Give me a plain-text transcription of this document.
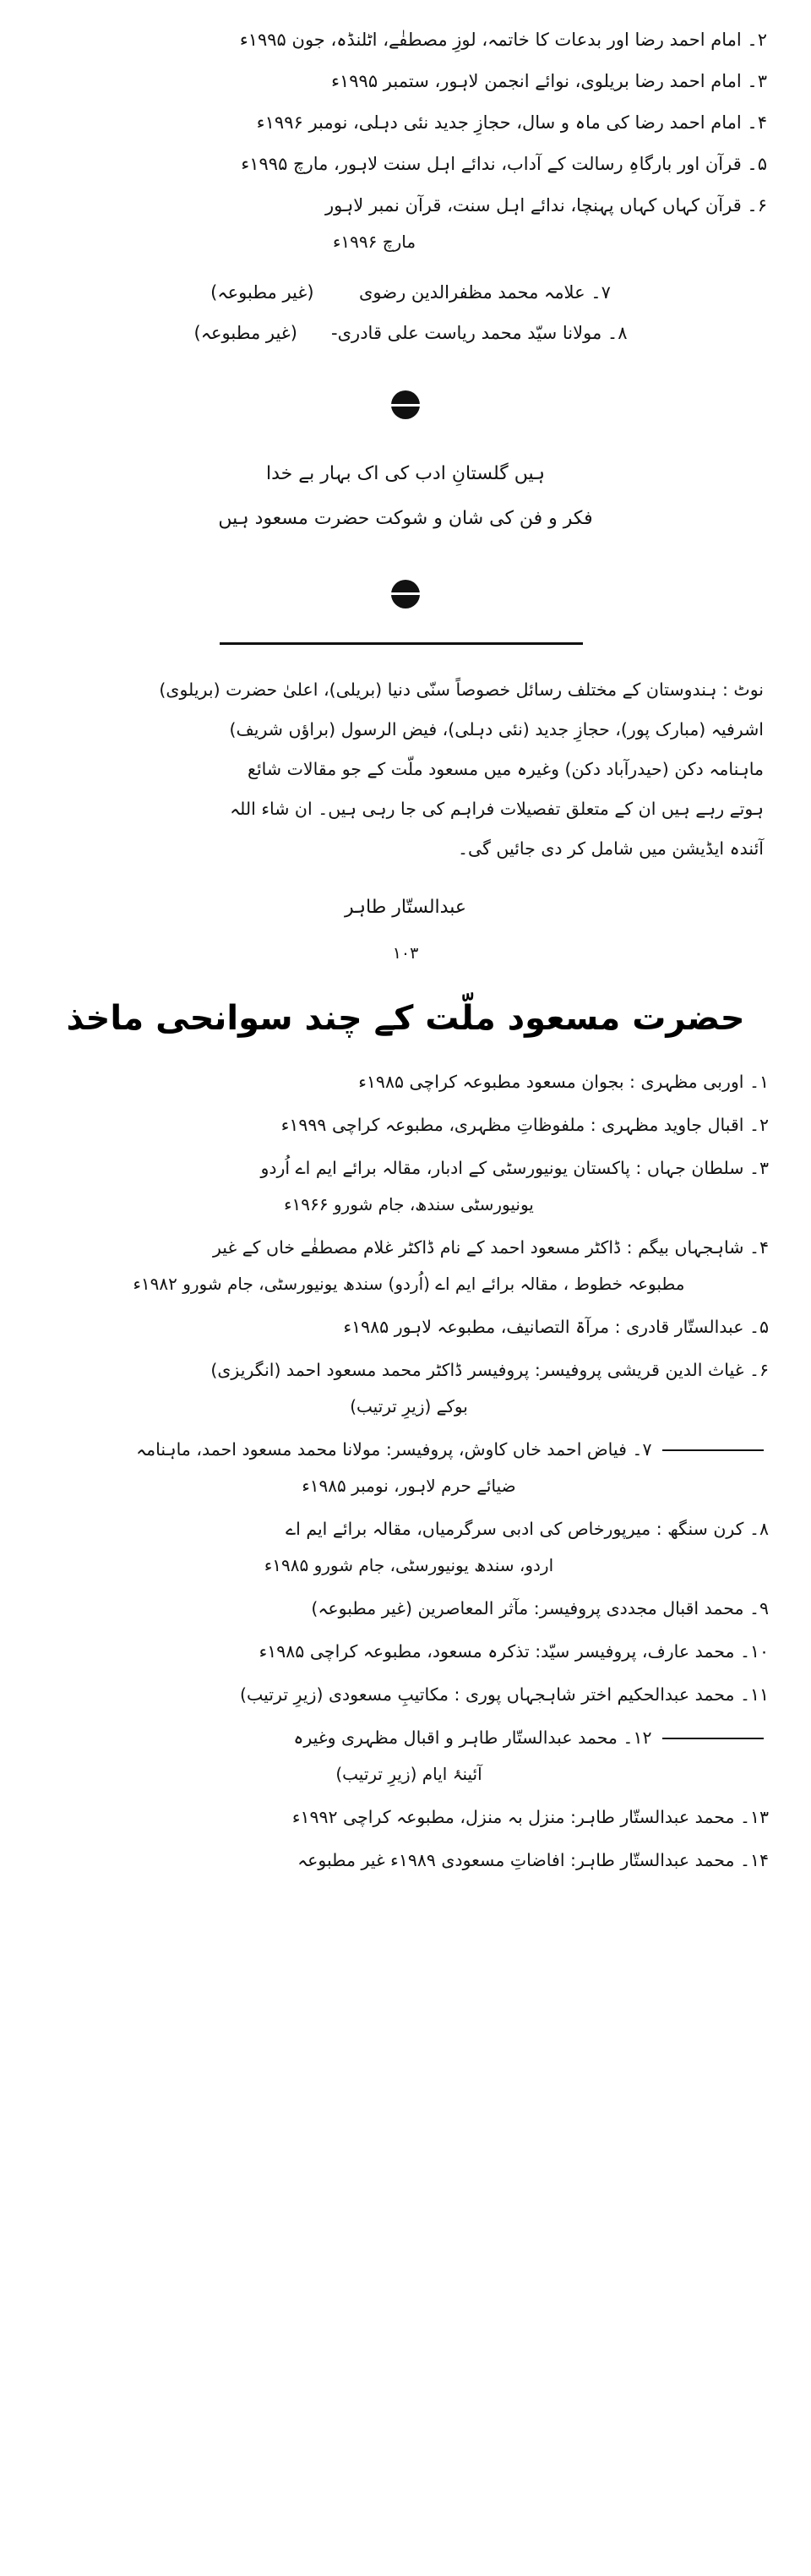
۲۔ امام احمد رضا اور بدعات کا خاتمہ، لوزِ مصطفٰے، اٹلنڈہ، جون ۱۹۹۵ء
۳۔ امام احمد رضا بریلوی، نوائے انجمن لاہور، ستمبر ۱۹۹۵ء
۴۔ امام احمد رضا کی ماہ و سال، حجازِ جدید نئی دہلی، نومبر ۱۹۹۶ء
۵۔ قرآن اور بارگاہِ رسالت کے آداب، ندائے اہل سنت لاہور، مارچ ۱۹۹۵ء
۶۔ قرآن کہاں کہاں پہنچا، ندائے اہل سنت، قرآن نمبر لاہور
مارچ ۱۹۹۶ء
۷۔ علامہ محمد مظفرالدین رضوی        (غیر مطبوعہ)
۸۔ مولانا سیّد محمد ریاست علی قادری-      (غیر مطبوعہ)
ہیں گلستانِ ادب کی اک بہار بے خدا
فکر و فن کی شان و شوکت حضرت مسعود ہیں
نوٹ : ہندوستان کے مختلف رسائل خصوصاً سنّی دنیا (بریلی)، اعلیٰ حضرت (بریلوی)
اشرفیہ (مبارک پور)، حجازِ جدید (نئی دہلی)، فیض الرسول (براؤں شریف)
ماہنامہ دکن (حیدرآباد دکن) وغیرہ میں مسعود ملّت کے جو مقالات شائع
ہوتے رہے ہیں ان کے متعلق تفصیلات فراہم کی جا رہی ہیں۔ ان شاء اللہ
آئندہ ایڈیشن میں شامل کر دی جائیں گی۔
عبدالستّار طاہر
۱۰۳
حضرت مسعود ملّت کے چند سوانحی ماخذ
۱۔ اوربی مظہری : بجوان مسعود مطبوعہ کراچی ۱۹۸۵ء
۲۔ اقبال جاوید مظہری : ملفوظاتِ مظہری، مطبوعہ کراچی ۱۹۹۹ء
۳۔ سلطان جہاں : پاکستان یونیورسٹی کے ادبار، مقالہ برائے ایم اے اُردو
یونیورسٹی سندھ، جام شورو ۱۹۶۶ء
۴۔ شاہجہاں بیگم : ڈاکٹر مسعود احمد کے نام ڈاکٹر غلام مصطفٰے خاں کے غیر
مطبوعہ خطوط ، مقالہ برائے ایم اے (اُردو) سندھ یونیورسٹی، جام شورو ۱۹۸۲ء
۵۔ عبدالستّار قادری : مرآۃ التصانیف، مطبوعہ لاہور ۱۹۸۵ء
۶۔ غیاث الدین قریشی پروفیسر: پروفیسر ڈاکٹر محمد مسعود احمد (انگریزی)
بوکے (زیرِ ترتیب)
۷۔ فیاض احمد خاں کاوش، پروفیسر: مولانا محمد مسعود احمد، ماہنامہ
ضیائے حرم لاہور، نومبر ۱۹۸۵ء
۸۔ کرن سنگھ : میرپورخاص کی ادبی سرگرمیاں، مقالہ برائے ایم اے
اردو، سندھ یونیورسٹی، جام شورو ۱۹۸۵ء
۹۔ محمد اقبال مجددی پروفیسر: مآثر المعاصرین (غیر مطبوعہ)
۱۰۔ محمد عارف، پروفیسر سیّد: تذکرہ مسعود، مطبوعہ کراچی ۱۹۸۵ء
۱۱۔ محمد عبدالحکیم اختر شاہجہاں پوری : مکاتیبِ مسعودی (زیرِ ترتیب)
۱۲۔ محمد عبدالستّار طاہر و اقبال مظہری وغیرہ
آئینۂ ایام (زیرِ ترتیب)
۱۳۔ محمد عبدالستّار طاہر: منزل بہ منزل، مطبوعہ کراچی ۱۹۹۲ء
۱۴۔ محمد عبدالستّار طاہر: افاضاتِ مسعودی ۱۹۸۹ء غیر مطبوعہ
